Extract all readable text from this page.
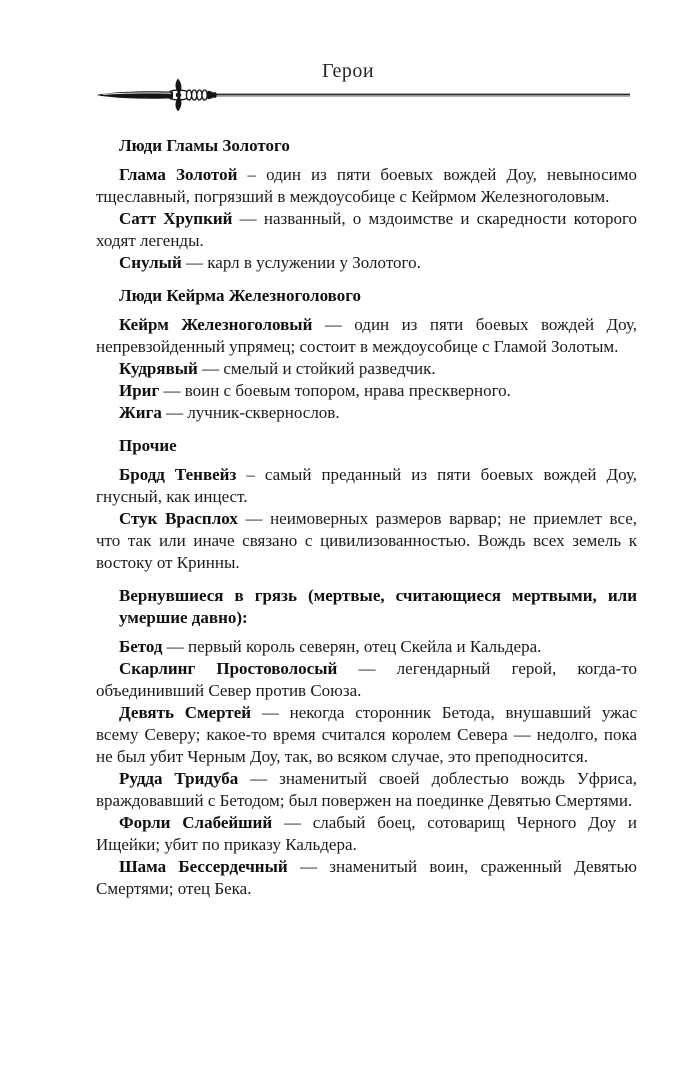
Герои
Люди Гламы Золотого

Глама Золотой – один из пяти боевых вождей Доу, невыносимо тщеславный, погрязший в междоусобице с Кейрмом Железноголовым.

Сатт Хрупкий — названный, о мздоимстве и скаредности которого ходят легенды.

Снулый — карл в услужении у Золотого.

Люди Кейрма Железноголового

Кейрм Железноголовый — один из пяти боевых вождей Доу, непревзойденный упрямец; состоит в междоусобице с Гламой Золотым.

Кудрявый — смелый и стойкий разведчик.

Ириг — воин с боевым топором, нрава прескверного.

Жига — лучник-сквернослов.

Прочие

Бродд Тенвейз – самый преданный из пяти боевых вождей Доу, гнусный, как инцест.

Стук Врасплох — неимоверных размеров варвар; не приемлет все, что так или иначе связано с цивилизованностью. Вождь всех земель к востоку от Кринны.

Вернувшиеся в грязь (мертвые, считающиеся мертвыми, или умершие давно):

Бетод — первый король северян, отец Скейла и Кальдера.

Скарлинг Простоволосый — легендарный герой, когда-то объединивший Север против Союза.

Девять Смертей — некогда сторонник Бетода, внушавший ужас всему Северу; какое-то время считался королем Севера — недолго, пока не был убит Черным Доу, так, во всяком случае, это преподносится.

Рудда Тридуба — знаменитый своей доблестью вождь Уфриса, враждовавший с Бетодом; был повержен на поединке Девятью Смертями.

Форли Слабейший — слабый боец, сотоварищ Черного Доу и Ищейки; убит по приказу Кальдера.

Шама Бессердечный — знаменитый воин, сраженный Девятью Смертями; отец Бека.
